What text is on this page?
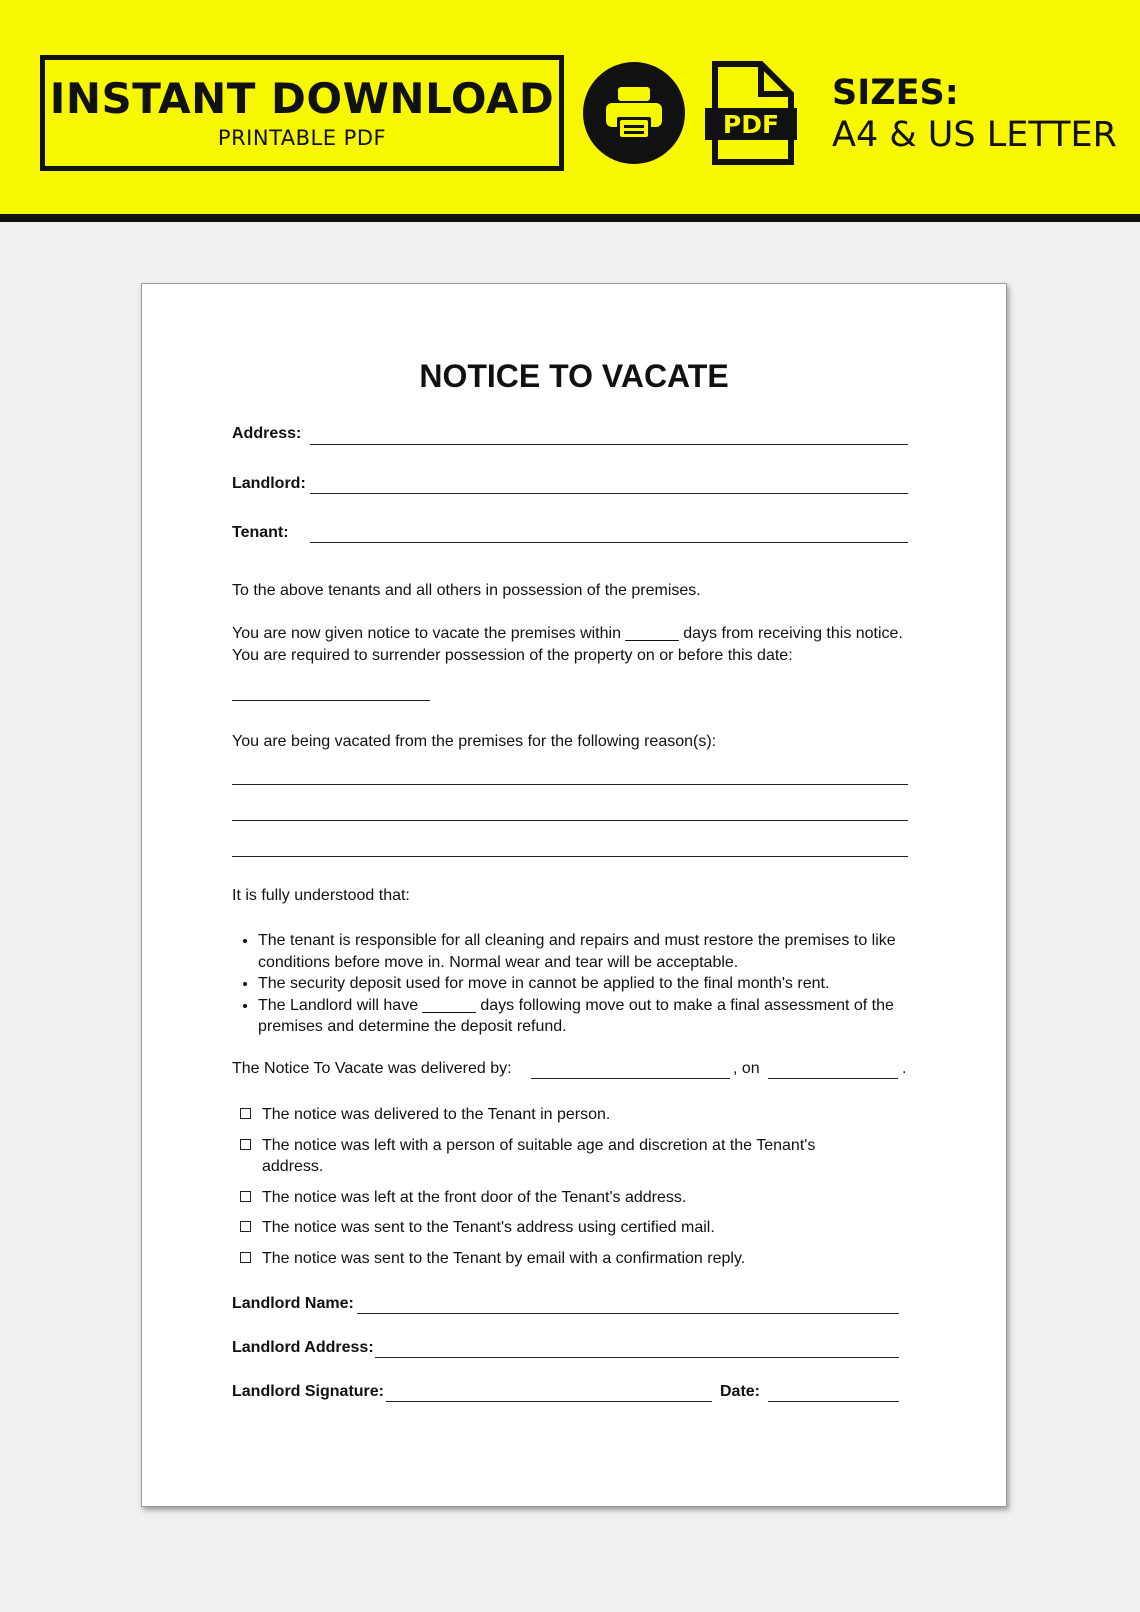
INSTANT DOWNLOAD
PRINTABLE PDF	PDF
SIZES:
A4 & US LETTER
NOTICE TO VACATE
Address:
Landlord:
Tenant:
To the above tenants and all others in possession of the premises.
You are now given notice to vacate the premises within ______ days from receiving this notice. You are required to surrender possession of the property on or before this date:
You are being vacated from the premises for the following reason(s):
It is fully understood that:
• The tenant is responsible for all cleaning and repairs and must restore the premises to like conditions before move in. Normal wear and tear will be acceptable.
• The security deposit used for move in cannot be applied to the final month's rent.
• The Landlord will have ______ days following move out to make a final assessment of the premises and determine the deposit refund.
The Notice To Vacate was delivered by:	, on	.
The notice was delivered to the Tenant in person.
The notice was left with a person of suitable age and discretion at the Tenant's address.
The notice was left at the front door of the Tenant's address.
The notice was sent to the Tenant's address using certified mail.
The notice was sent to the Tenant by email with a confirmation reply.
Landlord Name:
Landlord Address:
Landlord Signature:	Date:
